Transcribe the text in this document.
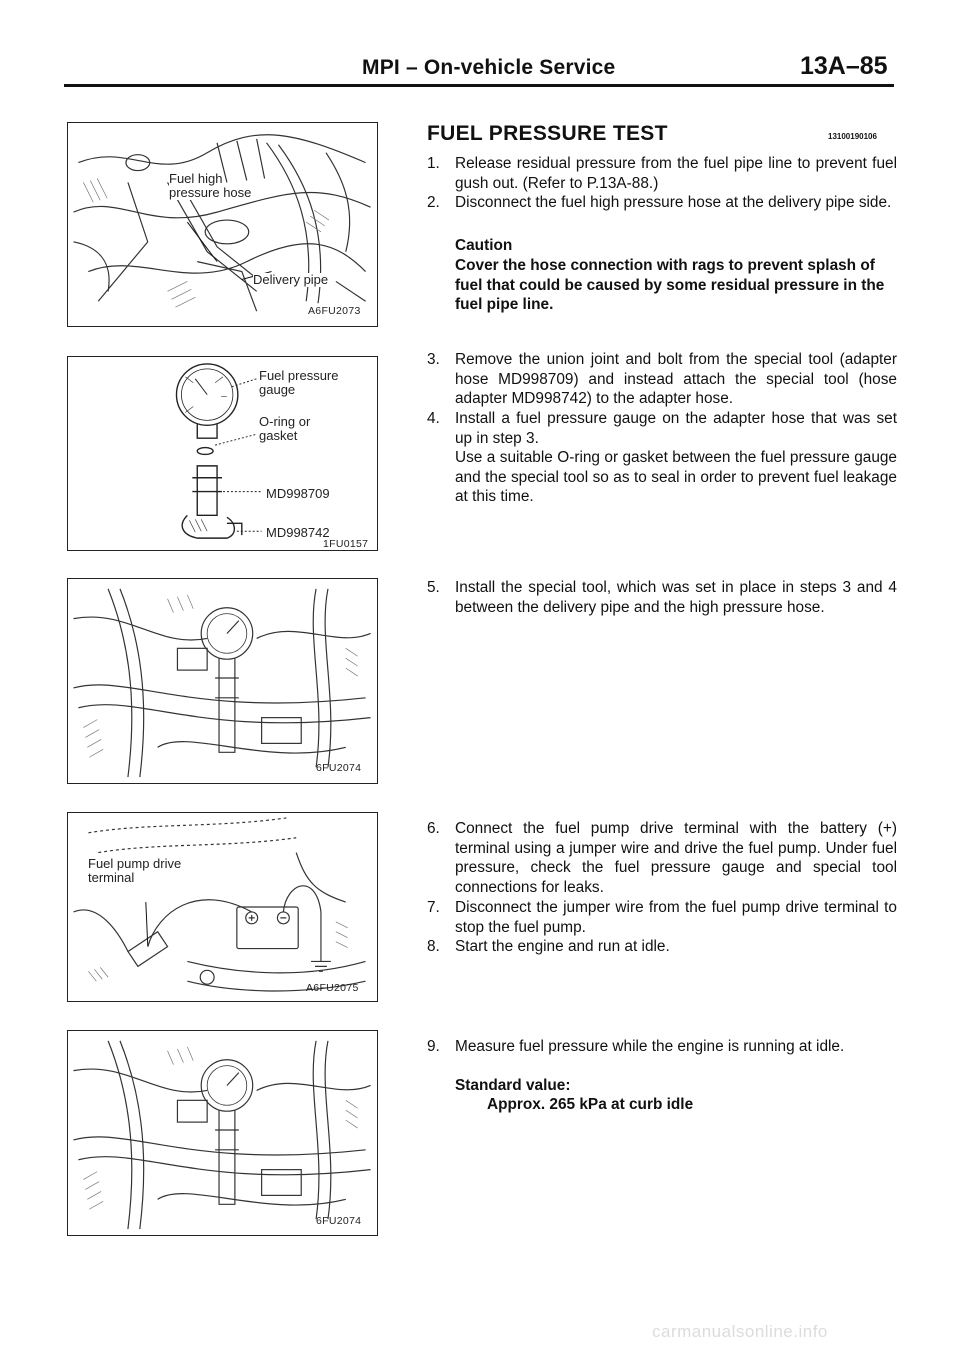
MPI – On-vehicle Service	13A–85
Fuel high
pressure hose
Delivery pipe
A6FU2073
Fuel pressure
gauge
O-ring or
gasket
MD998709
MD998742
1FU0157
6FU2074
Fuel pump drive
terminal
A6FU2075
6FU2074
FUEL PRESSURE TEST	13100190106
1. Release residual pressure from the fuel pipe line to prevent fuel gush out. (Refer to P.13A-88.)
2. Disconnect the fuel high pressure hose at the delivery pipe side.
Caution
Cover the hose connection with rags to prevent splash of fuel that could be caused by some residual pressure in the fuel pipe line.
3. Remove the union joint and bolt from the special tool (adapter hose MD998709) and instead attach the special tool (hose adapter MD998742) to the adapter hose.
4. Install a fuel pressure gauge on the adapter hose that was set up in step 3.
Use a suitable O-ring or gasket between the fuel pressure gauge and the special tool so as to seal in order to prevent fuel leakage at this time.
5. Install the special tool, which was set in place in steps 3 and 4 between the delivery pipe and the high pressure hose.
6. Connect the fuel pump drive terminal with the battery (+) terminal using a jumper wire and drive the fuel pump. Under fuel pressure, check the fuel pressure gauge and special tool connections for leaks.
7. Disconnect the jumper wire from the fuel pump drive terminal to stop the fuel pump.
8. Start the engine and run at idle.
9. Measure fuel pressure while the engine is running at idle.
Standard value:
Approx. 265 kPa at curb idle
carmanualsonline.info
